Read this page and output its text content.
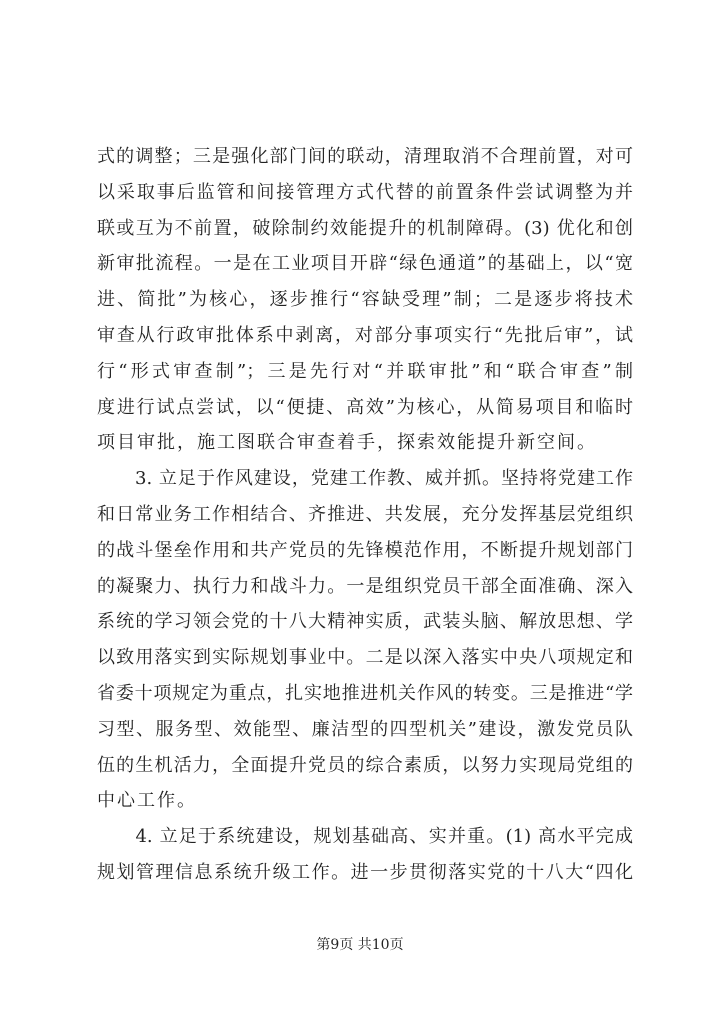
式的调整；三是强化部门间的联动，清理取消不合理前置，对可
以采取事后监管和间接管理方式代替的前置条件尝试调整为并
联或互为不前置，破除制约效能提升的机制障碍。(3) 优化和创
新审批流程。一是在工业项目开辟“绿色通道”的基础上，以“宽
进、简批”为核心，逐步推行“容缺受理”制；二是逐步将技术
审查从行政审批体系中剥离，对部分事项实行“先批后审”，试
行“形式审查制”；三是先行对“并联审批”和“联合审查”制
度进行试点尝试，以“便捷、高效”为核心，从简易项目和临时
项目审批，施工图联合审查着手，探索效能提升新空间。
　　3. 立足于作风建设，党建工作教、威并抓。坚持将党建工作
和日常业务工作相结合、齐推进、共发展，充分发挥基层党组织
的战斗堡垒作用和共产党员的先锋模范作用，不断提升规划部门
的凝聚力、执行力和战斗力。一是组织党员干部全面准确、深入
系统的学习领会党的十八大精神实质，武装头脑、解放思想、学
以致用落实到实际规划事业中。二是以深入落实中央八项规定和
省委十项规定为重点，扎实地推进机关作风的转变。三是推进“学
习型、服务型、效能型、廉洁型的四型机关”建设，激发党员队
伍的生机活力，全面提升党员的综合素质，以努力实现局党组的
中心工作。
　　4. 立足于系统建设，规划基础高、实并重。(1) 高水平完成
规划管理信息系统升级工作。进一步贯彻落实党的十八大“四化
第9页 共10页
